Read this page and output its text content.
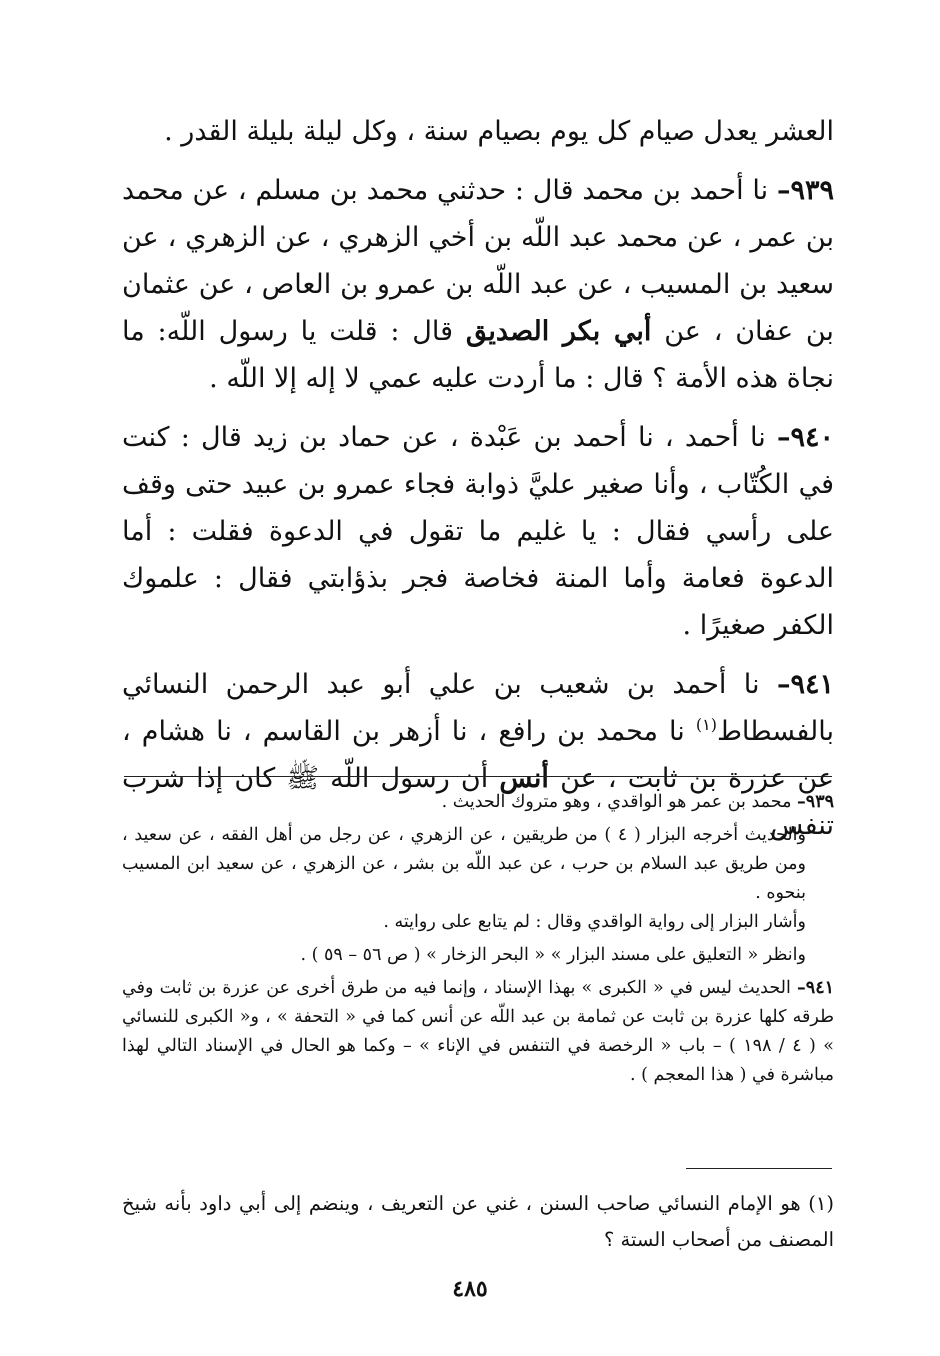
العشر يعدل صيام كل يوم بصيام سنة ، وكل ليلة بليلة القدر .

٩٣٩– نا أحمد بن محمد قال : حدثني محمد بن مسلم ، عن محمد بن عمر ، عن محمد عبد اللّه بن أخي الزهري ، عن الزهري ، عن سعيد بن المسيب ، عن عبد اللّه بن عمرو بن العاص ، عن عثمان بن عفان ، عن أبي بكر الصديق قال : قلت يا رسول اللّه: ما نجاة هذه الأمة ؟ قال : ما أردت عليه عمي لا إله إلا اللّه .

٩٤٠– نا أحمد ، نا أحمد بن عَبْدة ، عن حماد بن زيد قال : كنت في الكُتّاب ، وأنا صغير عليَّ ذوابة فجاء عمرو بن عبيد حتى وقف على رأسي فقال : يا غليم ما تقول في الدعوة فقلت : أما الدعوة فعامة وأما المنة فخاصة فجر بذؤابتي فقال : علموك الكفر صغيرًا .

٩٤١– نا أحمد بن شعيب بن علي أبو عبد الرحمن النسائي بالفسطاط$^{(١)}$ نا محمد بن رافع ، نا أزهر بن القاسم ، نا هشام ، عن عزرة بن ثابت ، عن أنس أن رسول اللّه ﷺ كان إذا شرب تنفس

٩٣٩– محمد بن عمر هو الواقدي ، وهو متروك الحديث .

والحديث أخرجه البزار ( ٤ ) من طريقين ، عن الزهري ، عن رجل من أهل الفقه ، عن سعيد ، ومن طريق عبد السلام بن حرب ، عن عبد اللّه بن بشر ، عن الزهري ، عن سعيد ابن المسيب بنحوه .

وأشار البزار إلى رواية الواقدي وقال : لم يتابع على روايته .

وانظر « التعليق على مسند البزار » « البحر الزخار » ( ص ٥٦ – ٥٩ ) .

٩٤١– الحديث ليس في « الكبرى » بهذا الإسناد ، وإنما فيه من طرق أخرى عن عزرة بن ثابت وفي طرقه كلها عزرة بن ثابت عن ثمامة بن عبد اللّه عن أنس كما في « التحفة » ، و« الكبرى للنسائي » ( ٤ / ١٩٨ ) – باب « الرخصة في التنفس في الإناء » – وكما هو الحال في الإسناد التالي لهذا مباشرة في ( هذا المعجم ) .

(١) هو الإمام النسائي صاحب السنن ، غني عن التعريف ، وينضم إلى أبي داود بأنه شيخ المصنف من أصحاب الستة ؟

٤٨٥
